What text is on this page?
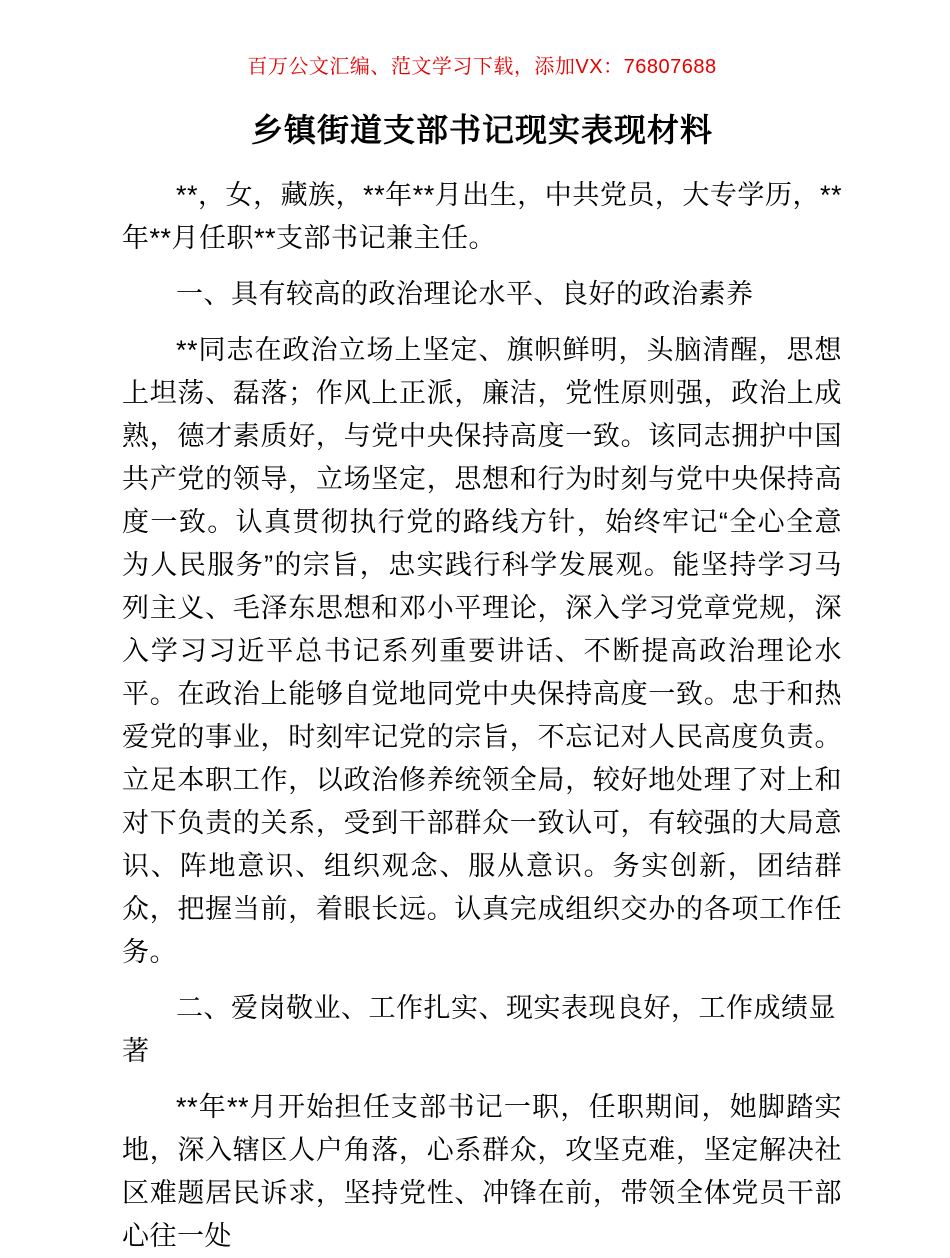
百万公文汇编、范文学习下载，添加VX：76807688
乡镇街道支部书记现实表现材料

**，女，藏族，**年**月出生，中共党员，大专学历，**年**月任职**支部书记兼主任。

一、具有较高的政治理论水平、良好的政治素养

**同志在政治立场上坚定、旗帜鲜明，头脑清醒，思想上坦荡、磊落；作风上正派，廉洁，党性原则强，政治上成熟，德才素质好，与党中央保持高度一致。该同志拥护中国共产党的领导，立场坚定，思想和行为时刻与党中央保持高度一致。认真贯彻执行党的路线方针，始终牢记“全心全意为人民服务”的宗旨，忠实践行科学发展观。能坚持学习马列主义、毛泽东思想和邓小平理论，深入学习党章党规，深入学习习近平总书记系列重要讲话、不断提高政治理论水平。在政治上能够自觉地同党中央保持高度一致。忠于和热爱党的事业，时刻牢记党的宗旨，不忘记对人民高度负责。立足本职工作，以政治修养统领全局，较好地处理了对上和对下负责的关系，受到干部群众一致认可，有较强的大局意识、阵地意识、组织观念、服从意识。务实创新，团结群众，把握当前，着眼长远。认真完成组织交办的各项工作任务。

二、爱岗敬业、工作扎实、现实表现良好，工作成绩显著

**年**月开始担任支部书记一职，任职期间，她脚踏实地，深入辖区人户角落，心系群众，攻坚克难，坚定解决社区难题居民诉求，坚持党性、冲锋在前，带领全体党员干部心往一处
